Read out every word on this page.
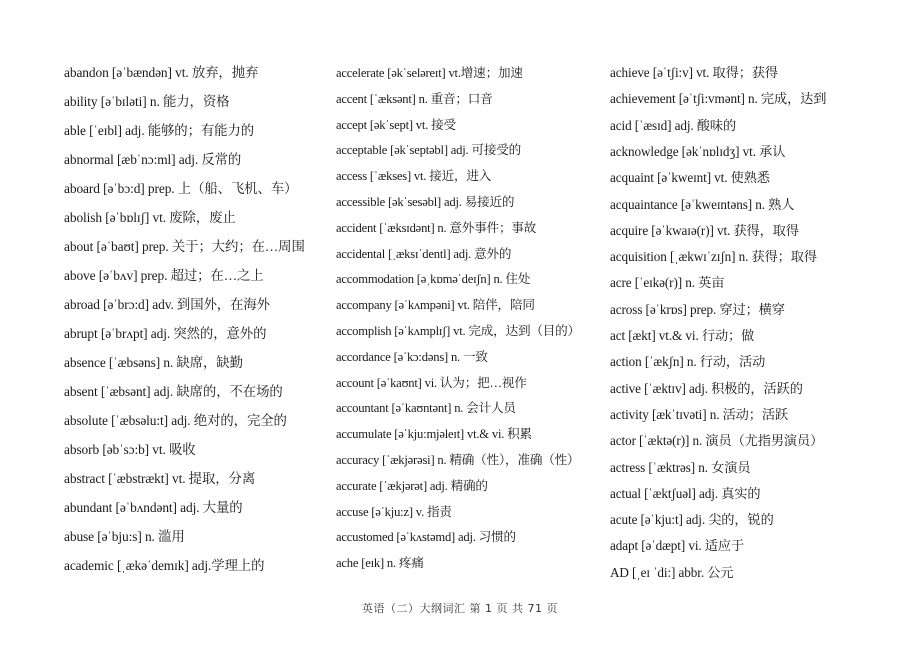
abandon [əˈbændən] vt. 放弃，抛弃
ability [əˈbɪləti] n. 能力，资格
able [ˈeɪbl] adj. 能够的；有能力的
abnormal [æbˈnɔ:ml] adj. 反常的
aboard [əˈbɔ:d] prep. 上（船、飞机、车）
abolish [əˈbɒlɪʃ] vt. 废除，废止
about [əˈbaʊt] prep. 关于；大约；在…周围
above [əˈbʌv] prep. 超过；在…之上
abroad [əˈbrɔ:d] adv. 到国外，在海外
abrupt [əˈbrʌpt] adj. 突然的，意外的
absence [ˈæbsəns] n. 缺席，缺勤
absent [ˈæbsənt] adj. 缺席的，不在场的
absolute [ˈæbsəlu:t] adj. 绝对的，完全的
absorb [əbˈsɔ:b] vt. 吸收
abstract [ˈæbstrækt] vt. 提取，分离
abundant [əˈbʌndənt] adj. 大量的
abuse [əˈbju:s] n. 滥用
academic [ˌækəˈdemɪk] adj.学理上的
accelerate [əkˈseləreɪt] vt.增速；加速
accent [ˈæksənt] n. 重音；口音
accept [əkˈsept] vt. 接受
acceptable [əkˈseptəbl] adj. 可接受的
access [ˈækses] vt. 接近，进入
accessible [əkˈsesəbl] adj. 易接近的
accident [ˈæksɪdənt] n. 意外事件；事故
accidental [ˌæksɪˈdentl] adj. 意外的
accommodation [əˌkɒməˈdeɪʃn] n. 住处
accompany [əˈkʌmpəni] vt. 陪伴，陪同
accomplish [əˈkʌmplɪʃ] vt. 完成，达到（目的）
accordance [əˈkɔ:dəns] n. 一致
account [əˈkaʊnt] vi. 认为；把…视作
accountant [əˈkaʊntənt] n. 会计人员
accumulate [əˈkju:mjəleɪt] vt.& vi. 积累
accuracy [ˈækjərəsi] n. 精确（性），准确（性）
accurate [ˈækjərət] adj. 精确的
accuse [əˈkju:z] v. 指责
accustomed [əˈkʌstəmd] adj. 习惯的
ache [eɪk] n. 疼痛
achieve [əˈtʃi:v] vt. 取得；获得
achievement [əˈtʃi:vmənt] n. 完成，达到
acid [ˈæsɪd] adj. 酸味的
acknowledge [əkˈnɒlɪdʒ] vt. 承认
acquaint [əˈkweɪnt] vt. 使熟悉
acquaintance [əˈkweɪntəns] n. 熟人
acquire [əˈkwaɪə(r)] vt. 获得，取得
acquisition [ˌækwɪˈzɪʃn] n. 获得；取得
acre [ˈeɪkə(r)] n. 英亩
across [əˈkrɒs] prep. 穿过；横穿
act [ækt] vt.& vi. 行动；做
action [ˈækʃn] n. 行动，活动
active [ˈæktɪv] adj. 积极的，活跃的
activity [ækˈtɪvəti] n. 活动；活跃
actor [ˈæktə(r)] n. 演员（尤指男演员）
actress [ˈæktrəs] n. 女演员
actual [ˈæktʃuəl] adj. 真实的
acute [əˈkju:t] adj. 尖的，锐的
adapt [əˈdæpt] vi. 适应于
AD [ˌeɪ ˈdi:] abbr. 公元
英语（二）大纲词汇 第 1 页 共 71 页
